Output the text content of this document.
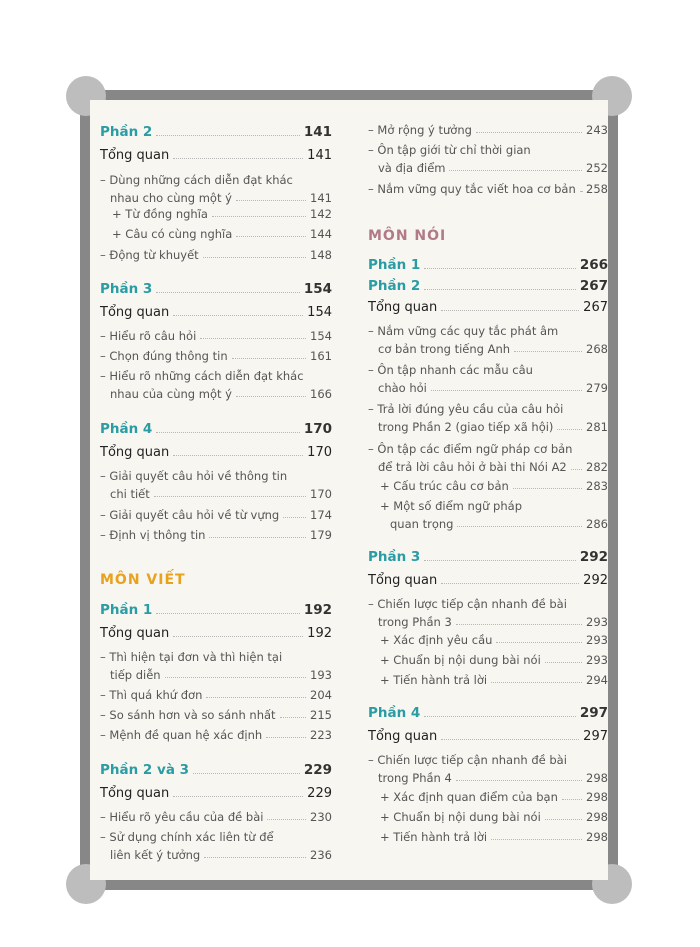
Phần 2	141
Tổng quan	141
– Dùng những cách diễn đạt khác
nhau cho cùng một ý	141
+ Từ đồng nghĩa	142
+ Câu có cùng nghĩa	144
– Động từ khuyết	148
Phần 3	154
Tổng quan	154
– Hiểu rõ câu hỏi	154
– Chọn đúng thông tin	161
– Hiểu rõ những cách diễn đạt khác
nhau của cùng một ý	166
Phần 4	170
Tổng quan	170
– Giải quyết câu hỏi về thông tin
chi tiết	170
– Giải quyết câu hỏi về từ vựng	174
– Định vị thông tin	179
MÔN VIẾT
Phần 1	192
Tổng quan	192
– Thì hiện tại đơn và thì hiện tại
tiếp diễn	193
– Thì quá khứ đơn	204
– So sánh hơn và so sánh nhất	215
– Mệnh đề quan hệ xác định	223
Phần 2 và 3	229
Tổng quan	229
– Hiểu rõ yêu cầu của đề bài	230
– Sử dụng chính xác liên từ để
liên kết ý tưởng	236
– Mở rộng ý tưởng	243
– Ôn tập giới từ chỉ thời gian
và địa điểm	252
– Nắm vững quy tắc viết hoa cơ bản 258
MÔN NÓI
Phần 1	266
Phần 2	267
Tổng quan	267
– Nắm vững các quy tắc phát âm
cơ bản trong tiếng Anh	268
– Ôn tập nhanh các mẫu câu
chào hỏi	279
– Trả lời đúng yêu cầu của câu hỏi
trong Phần 2 (giao tiếp xã hội)	281
– Ôn tập các điểm ngữ pháp cơ bản
để trả lời câu hỏi ở bài thi Nói A2 282
+ Cấu trúc câu cơ bản	283
+ Một số điểm ngữ pháp
quan trọng	286
Phần 3	292
Tổng quan	292
– Chiến lược tiếp cận nhanh đề bài
trong Phần 3	293
+ Xác định yêu cầu	293
+ Chuẩn bị nội dung bài nói	293
+ Tiến hành trả lời	294
Phần 4	297
Tổng quan	297
– Chiến lược tiếp cận nhanh đề bài
trong Phần 4	298
+ Xác định quan điểm của bạn 298
+ Chuẩn bị nội dung bài nói	298
+ Tiến hành trả lời	298
